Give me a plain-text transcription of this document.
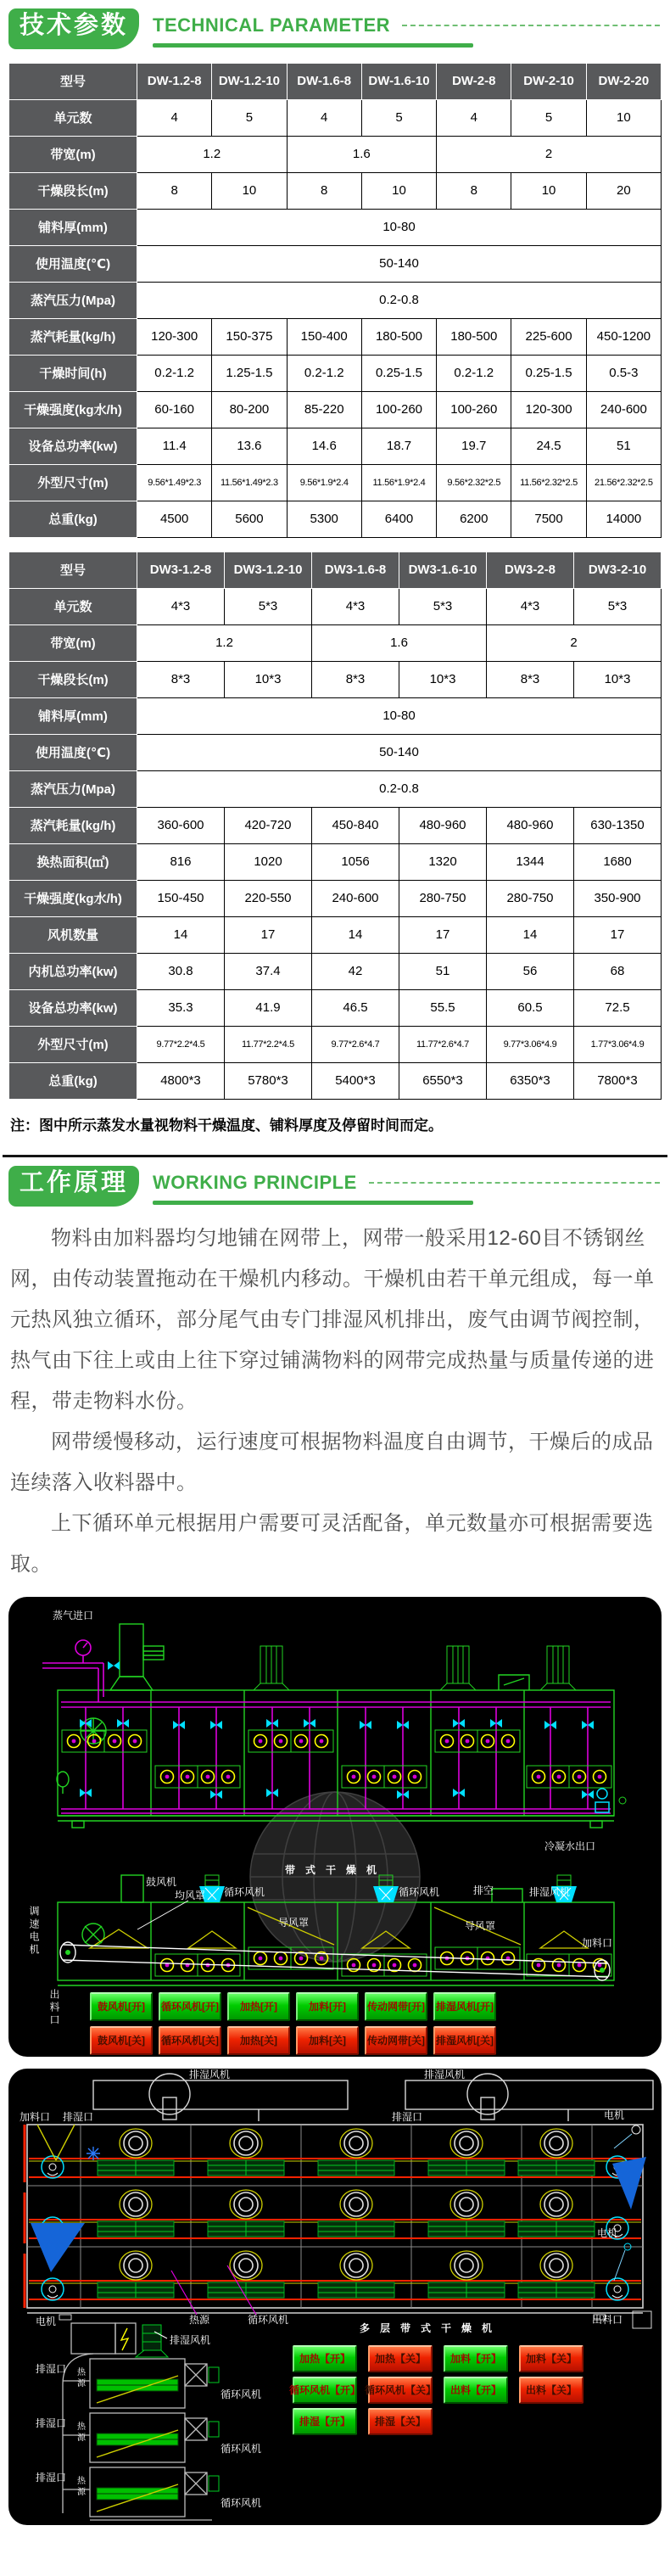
技术参数	TECHNICAL PARAMETER
型号	DW-1.2-8	DW-1.2-10	DW-1.6-8	DW-1.6-10	DW-2-8	DW-2-10	DW-2-20
单元数	4	5	4	5	4	5	10
带宽(m)	1.2		1.6		2		
干燥段长(m)	8	10	8	10	8	10	20
铺料厚(mm)	10-80						
使用温度(℃)	50-140						
蒸汽压力(Mpa)	0.2-0.8						
蒸汽耗量(kg/h)	120-300	150-375	150-400	180-500	180-500	225-600	450-1200
干燥时间(h)	0.2-1.2	1.25-1.5	0.2-1.2	0.25-1.5	0.2-1.2	0.25-1.5	0.5-3
干燥强度(kg水/h)	60-160	80-200	85-220	100-260	100-260	120-300	240-600
设备总功率(kw)	11.4	13.6	14.6	18.7	19.7	24.5	51
外型尺寸(m)	9.56*1.49*2.3	11.56*1.49*2.3	9.56*1.9*2.4	11.56*1.9*2.4	9.56*2.32*2.5	11.56*2.32*2.5	21.56*2.32*2.5
总重(kg)	4500	5600	5300	6400	6200	7500	14000
型号	DW3-1.2-8	DW3-1.2-10	DW3-1.6-8	DW3-1.6-10	DW3-2-8	DW3-2-10
单元数	4*3	5*3	4*3	5*3	4*3	5*3
带宽(m)	1.2		1.6		2	
干燥段长(m)	8*3	10*3	8*3	10*3	8*3	10*3
铺料厚(mm)	10-80					
使用温度(℃)	50-140					
蒸汽压力(Mpa)	0.2-0.8					
蒸汽耗量(kg/h)	360-600	420-720	450-840	480-960	480-960	630-1350
换热面积(㎡)	816	1020	1056	1320	1344	1680
干燥强度(kg水/h)	150-450	220-550	240-600	280-750	280-750	350-900
风机数量	14	17	14	17	14	17
内机总功率(kw)	30.8	37.4	42	51	56	68
设备总功率(kw)	35.3	41.9	46.5	55.5	60.5	72.5
外型尺寸(m)	9.77*2.2*4.5	11.77*2.2*4.5	9.77*2.6*4.7	11.77*2.6*4.7	9.77*3.06*4.9	1.77*3.06*4.9
总重(kg)	4800*3	5780*3	5400*3	6550*3	6350*3	7800*3
注：图中所示蒸发水量视物料干燥温度、铺料厚度及停留时间而定。
工作原理	WORKING PRINCIPLE

物料由加料器均匀地铺在网带上，网带一般采用12-60目不锈钢丝网，由传动装置拖动在干燥机内移动。干燥机由若干单元组成，每一单元热风独立循环，部分尾气由专门排湿风机排出，废气由调节阀控制，热气由下往上或由上往下穿过铺满物料的网带完成热量与质量传递的进程，带走物料水份。

网带缓慢移动，运行速度可根据物料温度自由调节，干燥后的成品连续落入收料器中。

上下循环单元根据用户需要可灵活配备，单元数量亦可根据需要选取。

蒸气进口
冷凝水出口
带式干燥机
鼓风机
均风罩 循环风机	循环风机	排空	排湿风机
导风罩	导风罩
加料口
调速电机
出料口	鼓风机[开]	循环风机[开]	加热[开]	加料[开]	传动网带[开] 排湿风机[开]
鼓风机[关]	循环风机[关]	加热[关]	加料[关]	传动网带[关] 排湿风机[关]
排湿风机	排湿风机
加料口 排湿口	排湿口	电机
电机
电机
排湿风机
热源	循环风机
排湿口
排湿口
排湿口
热源
热源
热源
循环风机
循环风机
循环风机
出料口
多层带式干燥机
加热【开】	加热【关】	加料【开】	加料【关】
循环风机【开】 循环风机【关】	出料【开】	出料【关】
排湿【开】	排湿【关】
